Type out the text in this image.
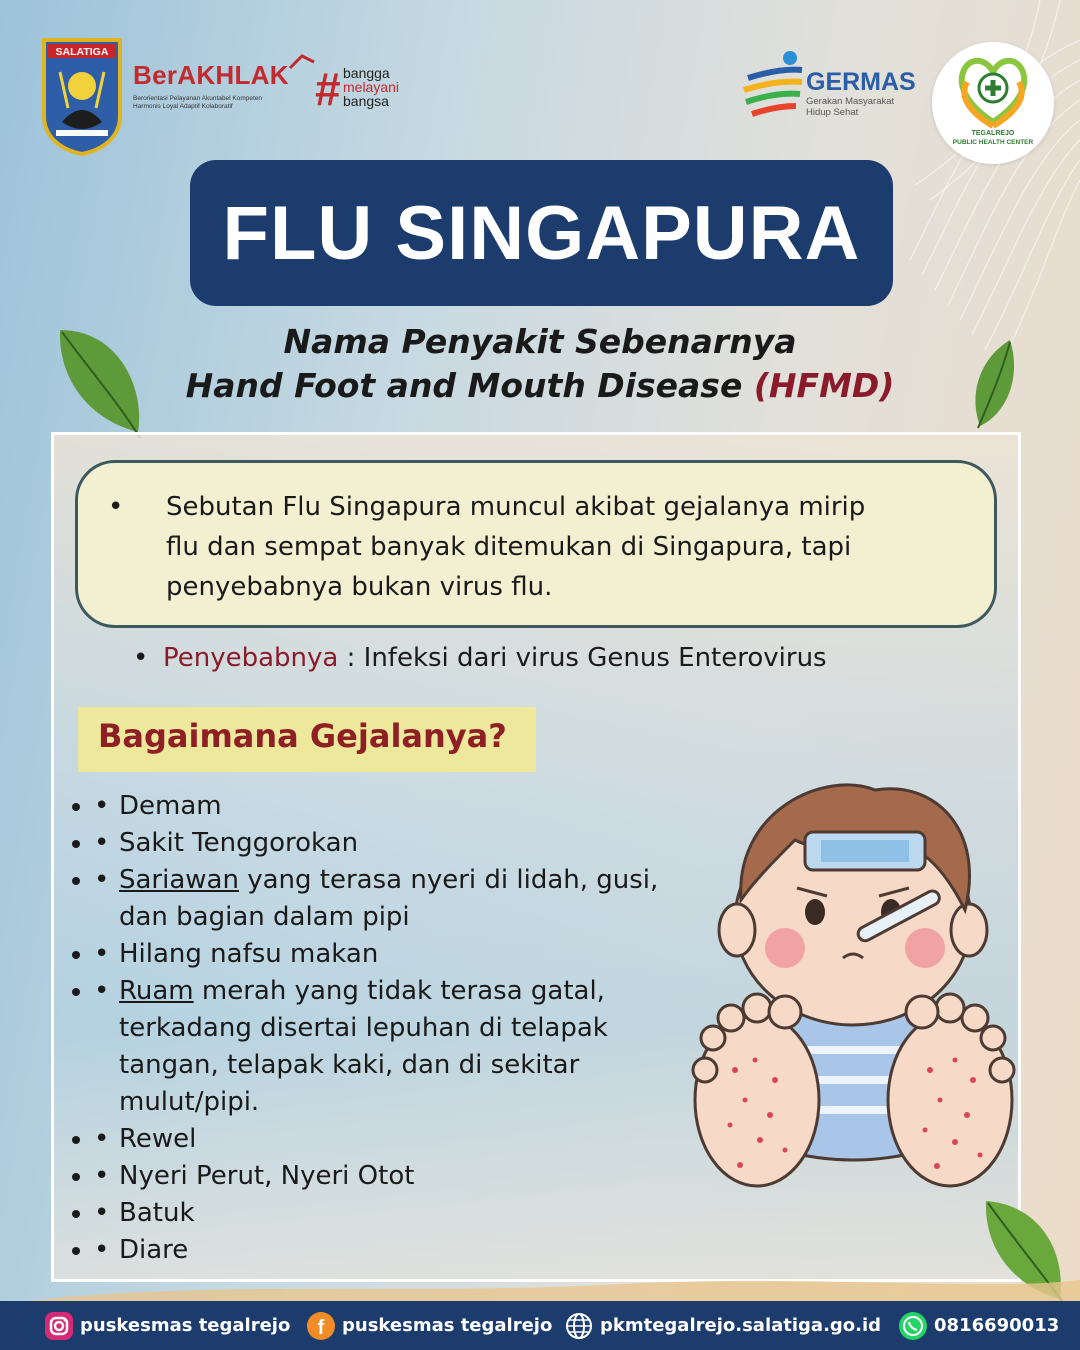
SALATIGA
BerAKHLAK
Berorientasi Pelayanan Akuntabel Kompeten
Harmonis Loyal Adaptif Kolaboratif	# bangga
melayani
bangsa
GERMAS
Gerakan Masyarakat
Hidup Sehat
TEGALREJO
PUBLIC HEALTH CENTER
FLU SINGAPURA
Nama Penyakit Sebenarnya
Hand Foot and Mouth Disease (HFMD)
• Sebutan Flu Singapura muncul akibat gejalanya mirip flu dan sempat banyak ditemukan di Singapura, tapi penyebabnya bukan virus flu.
• Penyebabnya : Infeksi dari virus Genus Enterovirus
Bagaimana Gejalanya?
• • Demam
• • Sakit Tenggorokan
• • Sariawan yang terasa nyeri di lidah, gusi, dan bagian dalam pipi
• • Hilang nafsu makan
• • Ruam merah yang tidak terasa gatal, terkadang disertai lepuhan di telapak tangan, telapak kaki, dan di sekitar mulut/pipi.
• • Rewel
• • Nyeri Perut, Nyeri Otot
• • Batuk
• • Diare
puskesmas tegalrejo f puskesmas tegalrejo	pkmtegalrejo.salatiga.go.id	0816690013
